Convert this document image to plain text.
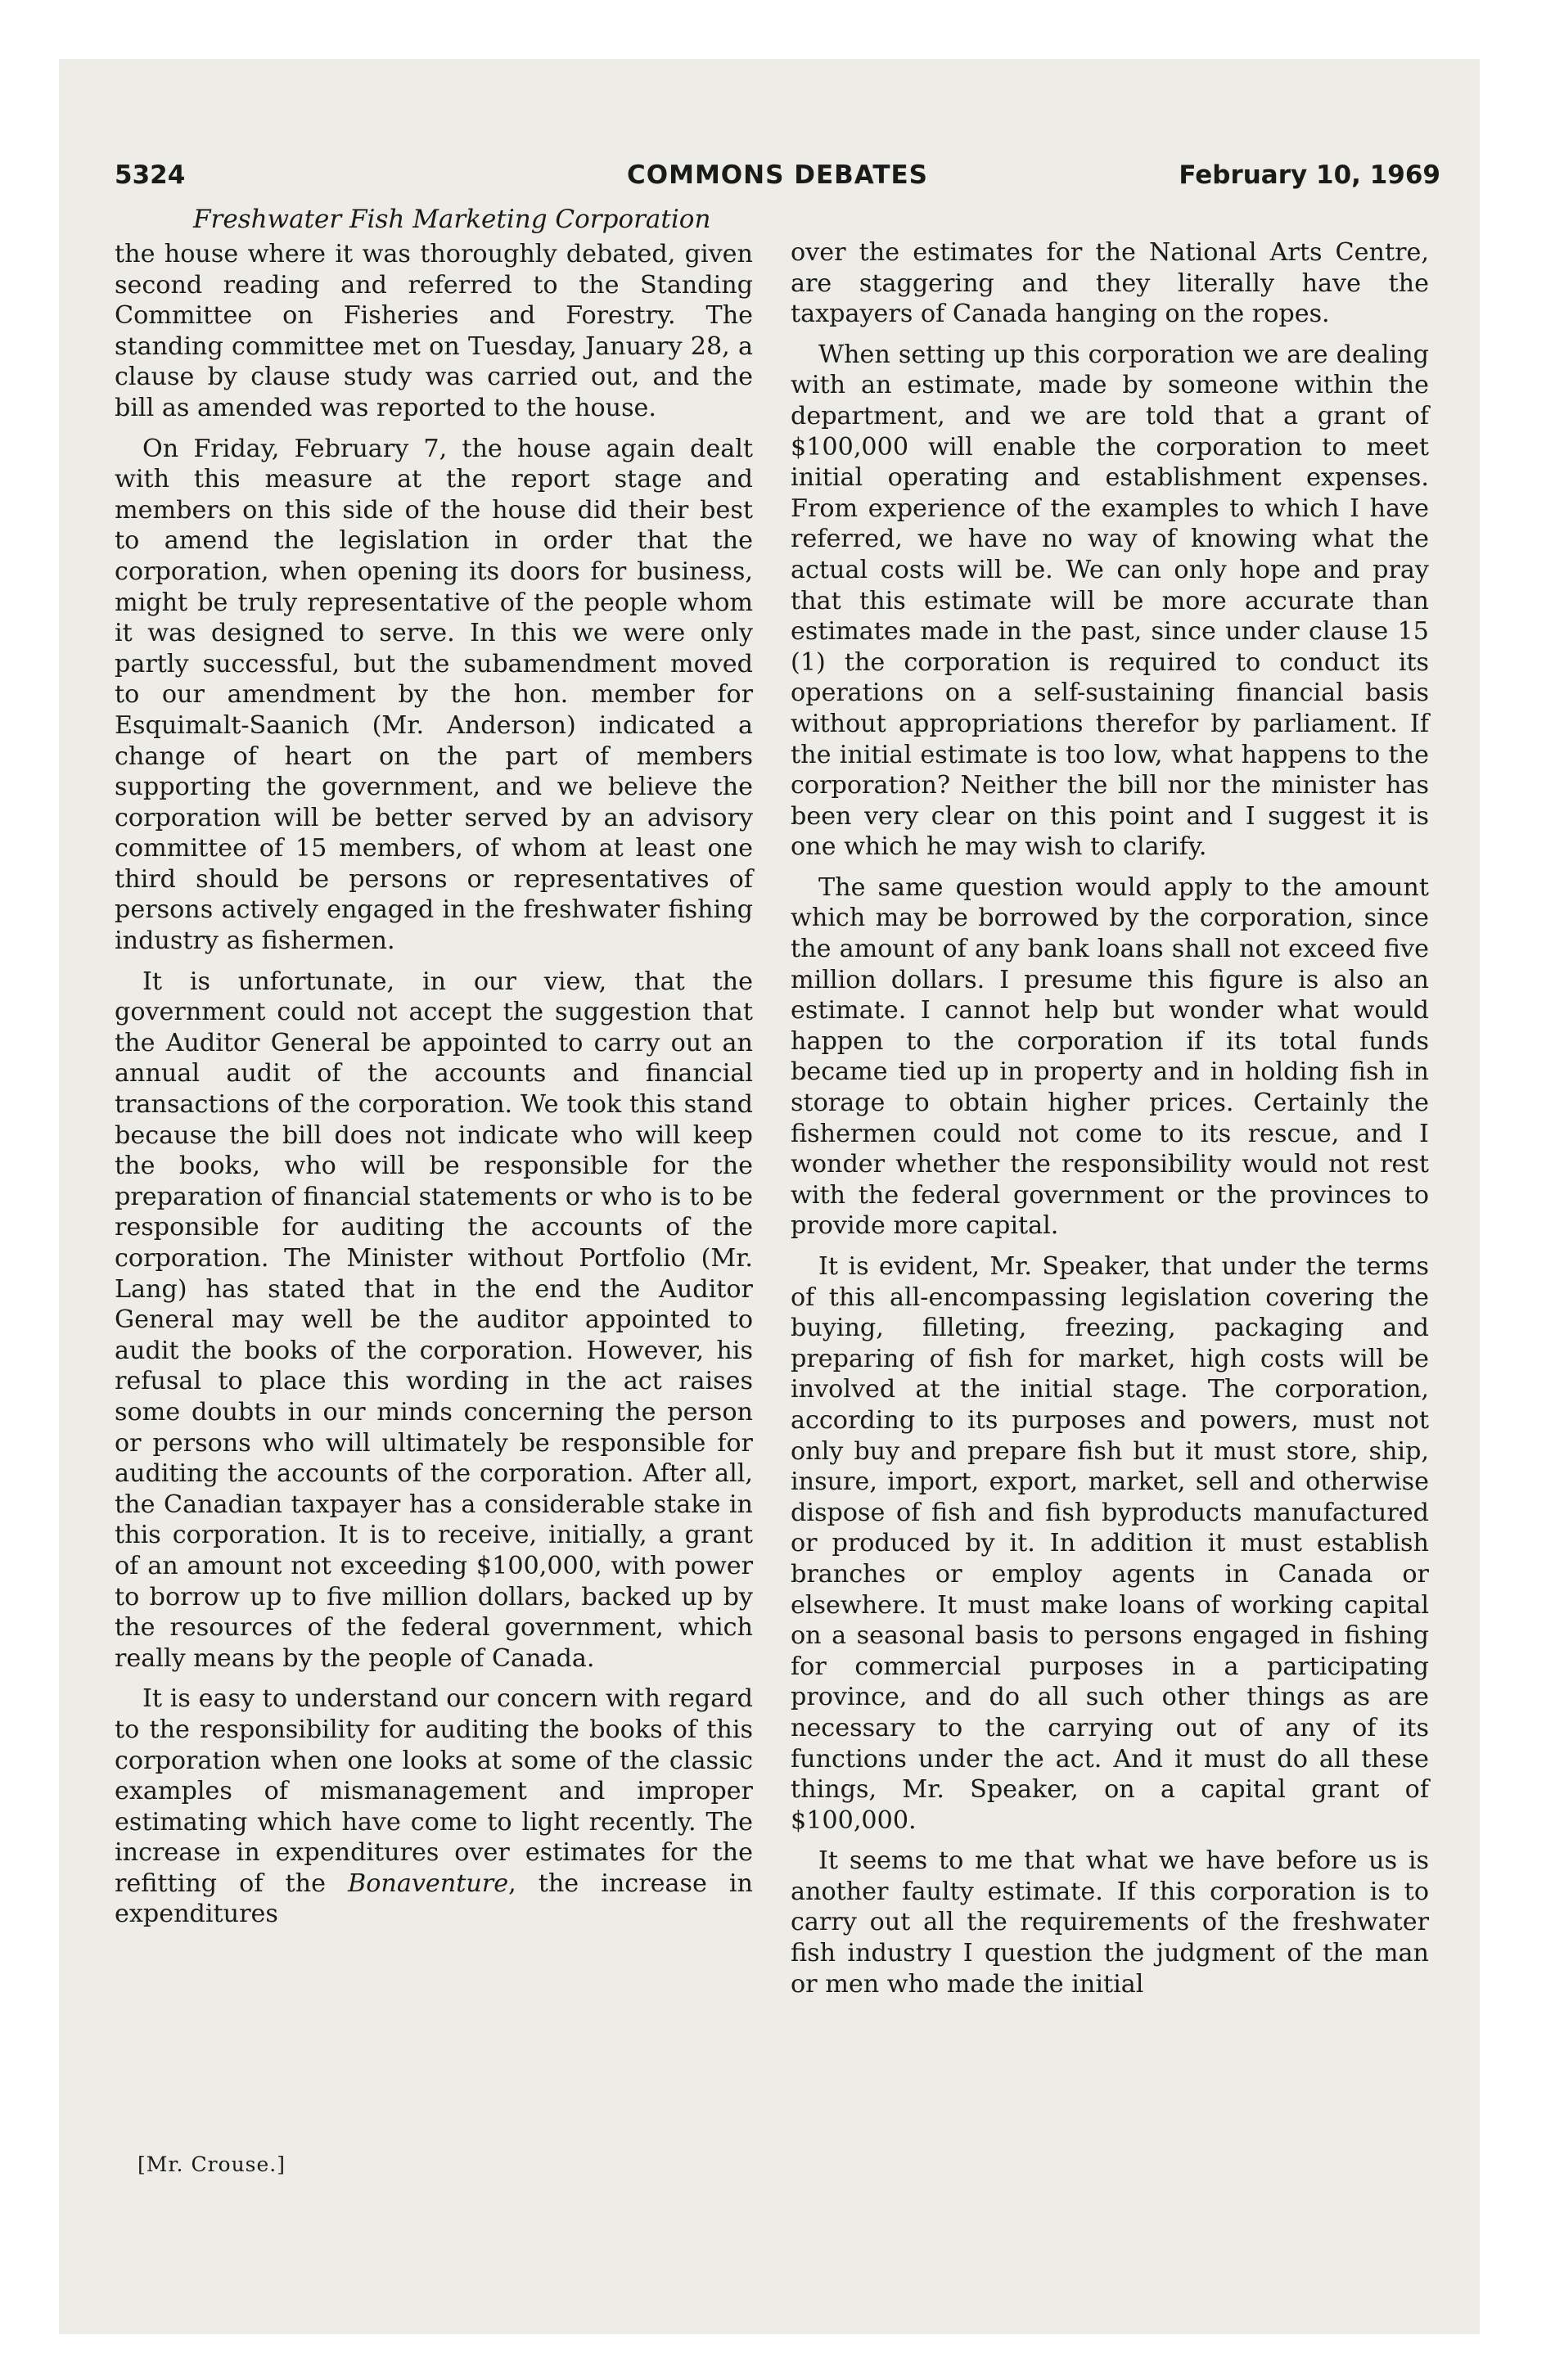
5324	COMMONS DEBATES	February 10, 1969
Freshwater Fish Marketing Corporation

the house where it was thoroughly debated, given second reading and referred to the Standing Committee on Fisheries and Forestry. The standing committee met on Tuesday, January 28, a clause by clause study was carried out, and the bill as amended was reported to the house.

On Friday, February 7, the house again dealt with this measure at the report stage and members on this side of the house did their best to amend the legislation in order that the corporation, when opening its doors for business, might be truly representative of the people whom it was designed to serve. In this we were only partly successful, but the subamendment moved to our amendment by the hon. member for Esquimalt-Saanich (Mr. Anderson) indicated a change of heart on the part of members supporting the government, and we believe the corporation will be better served by an advisory committee of 15 members, of whom at least one third should be persons or representatives of persons actively engaged in the freshwater fishing industry as fishermen.

It is unfortunate, in our view, that the government could not accept the suggestion that the Auditor General be appointed to carry out an annual audit of the accounts and financial transactions of the corporation. We took this stand because the bill does not indicate who will keep the books, who will be responsible for the preparation of financial statements or who is to be responsible for auditing the accounts of the corporation. The Minister without Portfolio (Mr. Lang) has stated that in the end the Auditor General may well be the auditor appointed to audit the books of the corporation. However, his refusal to place this wording in the act raises some doubts in our minds concerning the person or persons who will ultimately be responsible for auditing the accounts of the corporation. After all, the Canadian taxpayer has a considerable stake in this corporation. It is to receive, initially, a grant of an amount not exceeding $100,000, with power to borrow up to five million dollars, backed up by the resources of the federal government, which really means by the people of Canada.

It is easy to understand our concern with regard to the responsibility for auditing the books of this corporation when one looks at some of the classic examples of mismanagement and improper estimating which have come to light recently. The increase in expenditures over estimates for the refitting of the Bonaventure, the increase in expenditures

over the estimates for the National Arts Centre, are staggering and they literally have the taxpayers of Canada hanging on the ropes.

When setting up this corporation we are dealing with an estimate, made by someone within the department, and we are told that a grant of $100,000 will enable the corporation to meet initial operating and establishment expenses. From experience of the examples to which I have referred, we have no way of knowing what the actual costs will be. We can only hope and pray that this estimate will be more accurate than estimates made in the past, since under clause 15 (1) the corporation is required to conduct its operations on a self-sustaining financial basis without appropriations therefor by parliament. If the initial estimate is too low, what happens to the corporation? Neither the bill nor the minister has been very clear on this point and I suggest it is one which he may wish to clarify.

The same question would apply to the amount which may be borrowed by the corporation, since the amount of any bank loans shall not exceed five million dollars. I presume this figure is also an estimate. I cannot help but wonder what would happen to the corporation if its total funds became tied up in property and in holding fish in storage to obtain higher prices. Certainly the fishermen could not come to its rescue, and I wonder whether the responsibility would not rest with the federal government or the provinces to provide more capital.

It is evident, Mr. Speaker, that under the terms of this all-encompassing legislation covering the buying, filleting, freezing, packaging and preparing of fish for market, high costs will be involved at the initial stage. The corporation, according to its purposes and powers, must not only buy and prepare fish but it must store, ship, insure, import, export, market, sell and otherwise dispose of fish and fish byproducts manufactured or produced by it. In addition it must establish branches or employ agents in Canada or elsewhere. It must make loans of working capital on a seasonal basis to persons engaged in fishing for commercial purposes in a participating province, and do all such other things as are necessary to the carrying out of any of its functions under the act. And it must do all these things, Mr. Speaker, on a capital grant of $100,000.

It seems to me that what we have before us is another faulty estimate. If this corporation is to carry out all the requirements of the freshwater fish industry I question the judgment of the man or men who made the initial

[Mr. Crouse.]
